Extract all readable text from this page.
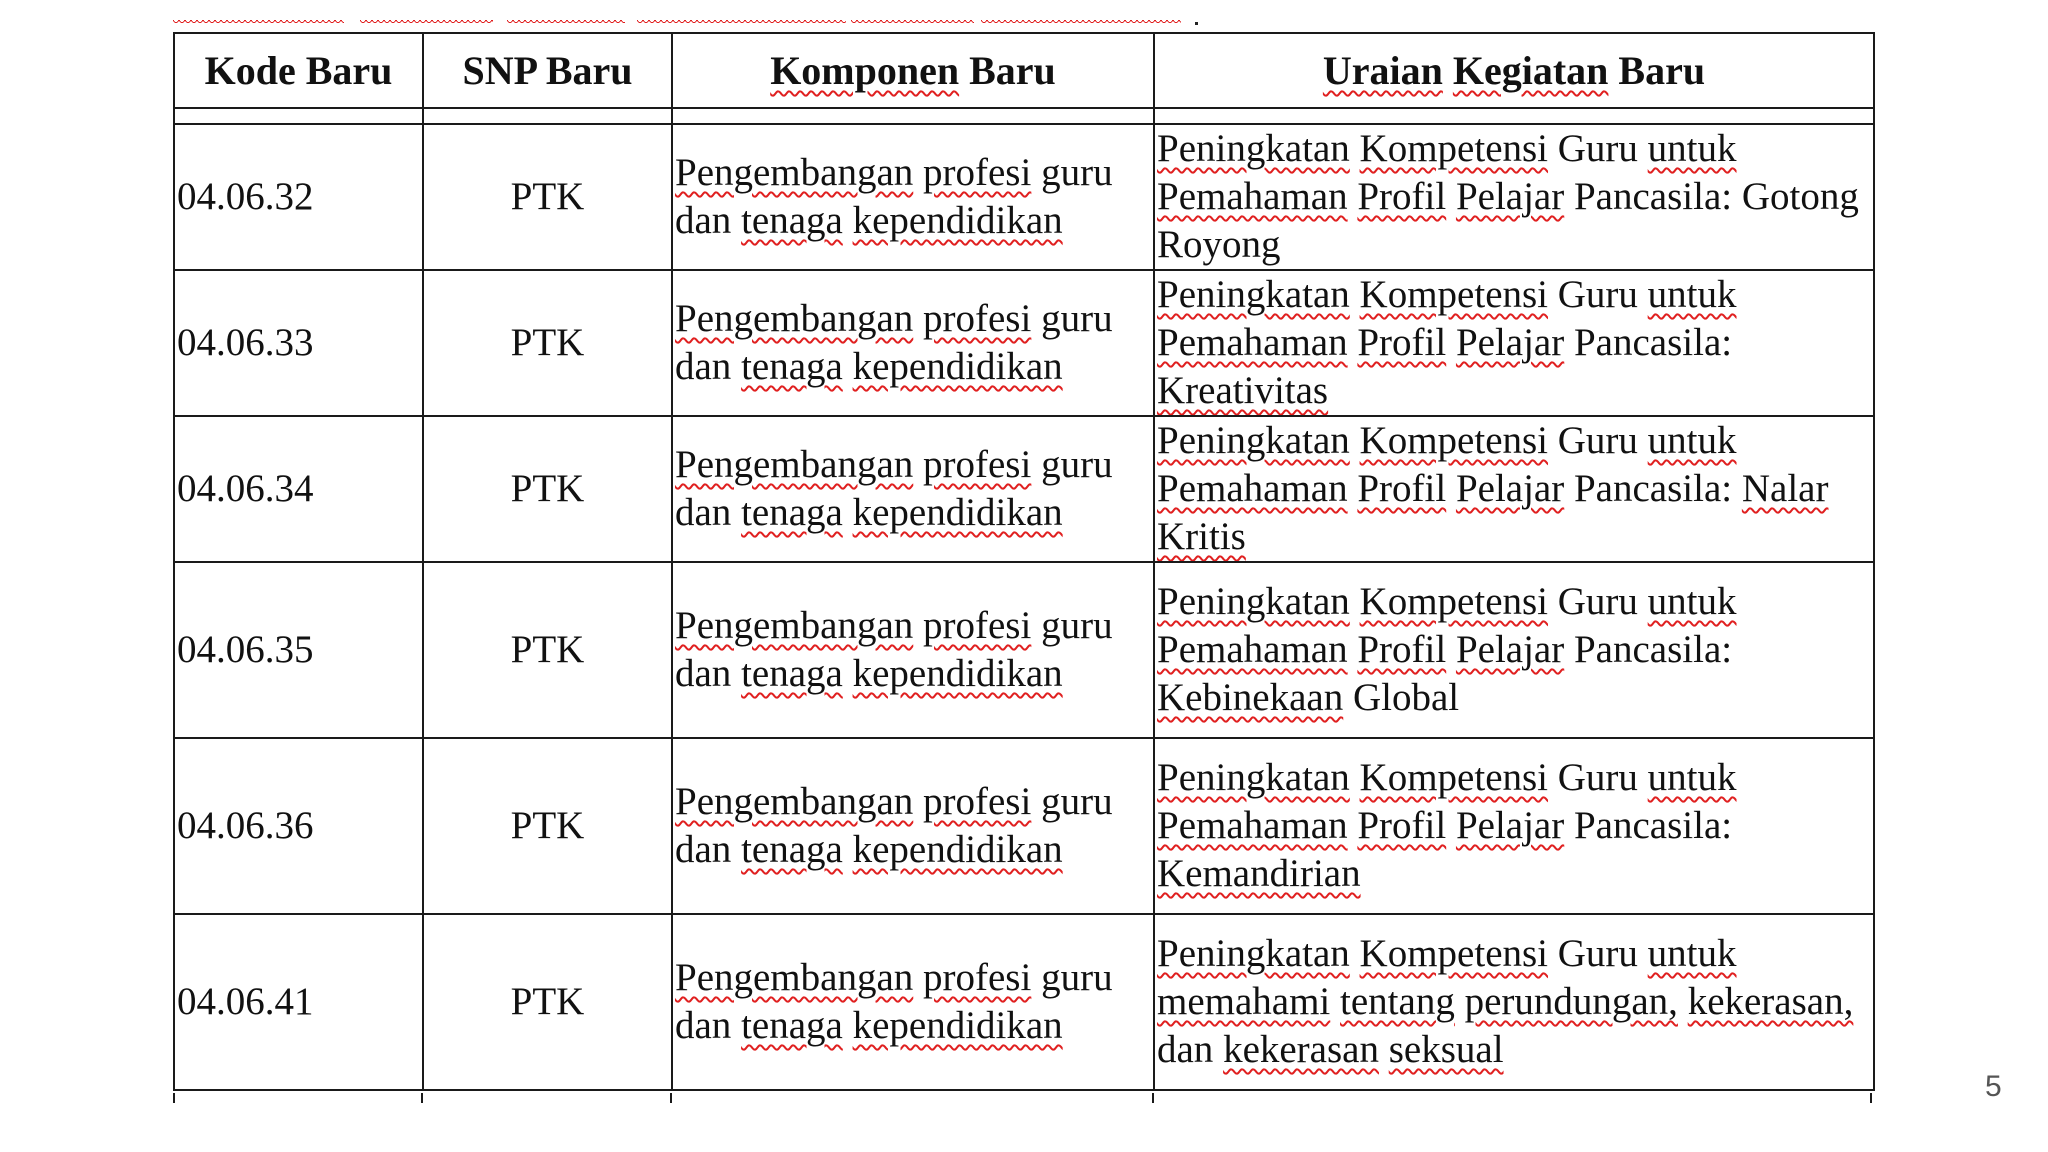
Kode Baru	SNP Baru	Komponen Baru	Uraian Kegiatan Baru

04.06.32	PTK	Pengembangan profesi guru dan tenaga kependidikan	Peningkatan Kompetensi Guru untuk Pemahaman Profil Pelajar Pancasila: Gotong Royong
04.06.33	PTK	Pengembangan profesi guru dan tenaga kependidikan	Peningkatan Kompetensi Guru untuk Pemahaman Profil Pelajar Pancasila: Kreativitas
04.06.34	PTK	Pengembangan profesi guru dan tenaga kependidikan	Peningkatan Kompetensi Guru untuk Pemahaman Profil Pelajar Pancasila: Nalar Kritis
04.06.35	PTK	Pengembangan profesi guru dan tenaga kependidikan	Peningkatan Kompetensi Guru untuk Pemahaman Profil Pelajar Pancasila: Kebinekaan Global
04.06.36	PTK	Pengembangan profesi guru dan tenaga kependidikan	Peningkatan Kompetensi Guru untuk Pemahaman Profil Pelajar Pancasila: Kemandirian
04.06.41	PTK	Pengembangan profesi guru dan tenaga kependidikan	Peningkatan Kompetensi Guru untuk memahami tentang perundungan, kekerasan, dan kekerasan seksual
5
